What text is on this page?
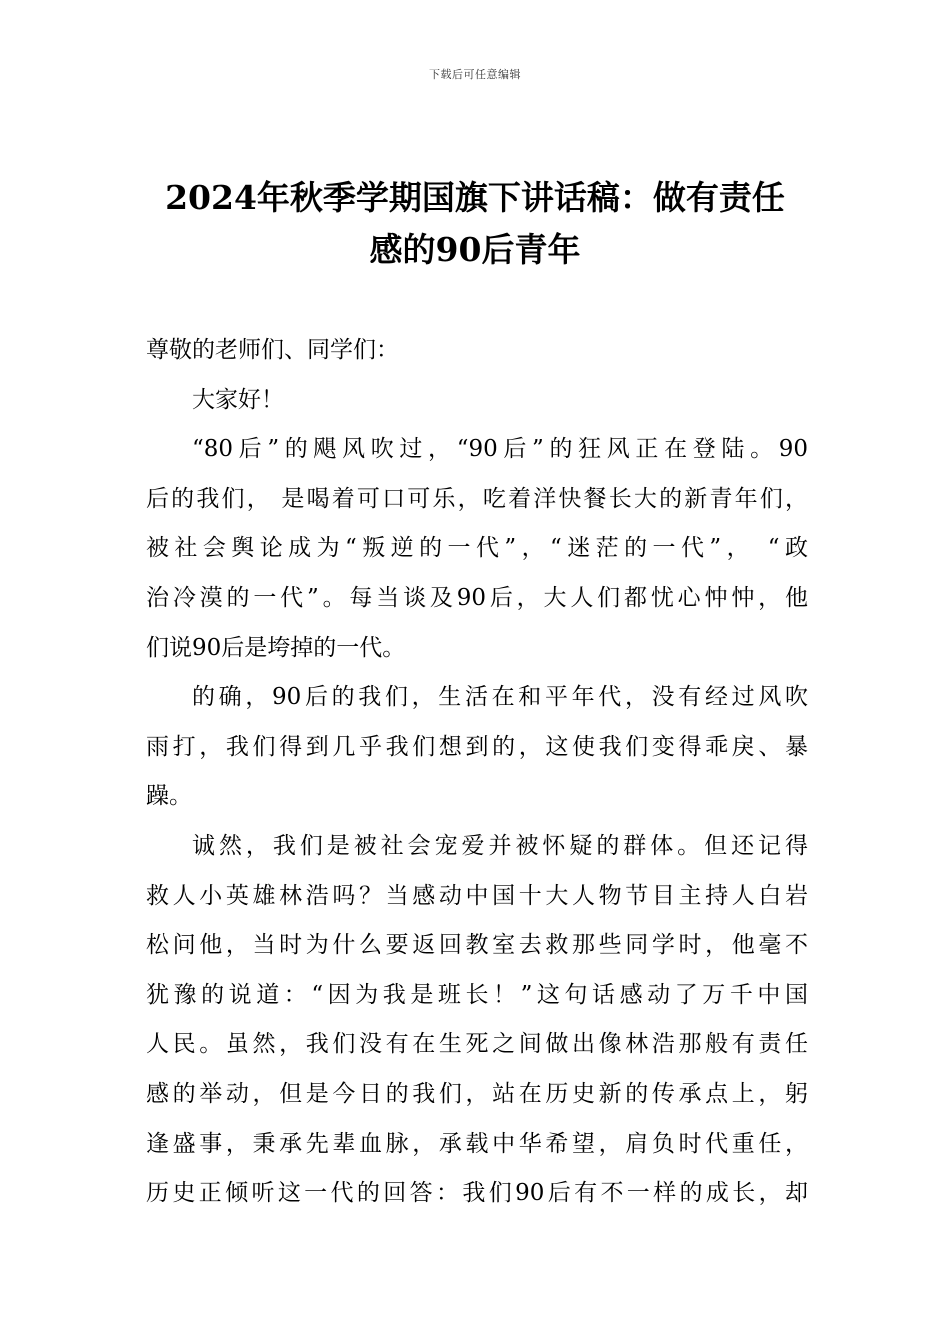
下载后可任意编辑
2024年秋季学期国旗下讲话稿：做有责任
感的90后青年
尊敬的老师们、同学们：
大家好！
“80后”的飓风吹过，“90后”的狂风正在登陆。90
后的我们， 是喝着可口可乐，吃着洋快餐长大的新青年们，
被社会舆论成为“叛逆的一代”，“迷茫的一代”， “政
治冷漠的一代”。每当谈及90后，大人们都忧心忡忡，他
们说90后是垮掉的一代。
的确，90后的我们，生活在和平年代，没有经过风吹
雨打，我们得到几乎我们想到的，这使我们变得乖戾、暴
躁。
诚然，我们是被社会宠爱并被怀疑的群体。但还记得
救人小英雄林浩吗？当感动中国十大人物节目主持人白岩
松问他，当时为什么要返回教室去救那些同学时，他毫不
犹豫的说道：“因为我是班长！”这句话感动了万千中国
人民。虽然，我们没有在生死之间做出像林浩那般有责任
感的举动，但是今日的我们，站在历史新的传承点上，躬
逢盛事，秉承先辈血脉，承载中华希望，肩负时代重任，
历史正倾听这一代的回答：我们90后有不一样的成长，却
